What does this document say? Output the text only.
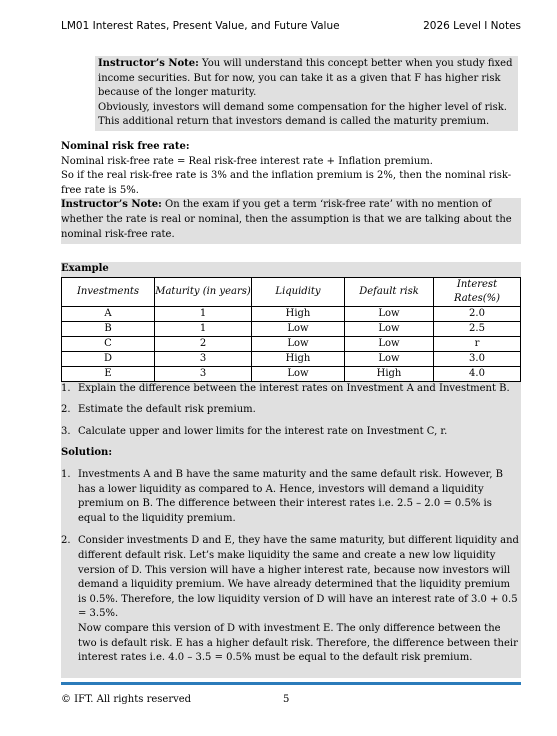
LM01 Interest Rates, Present Value, and Future Value	2026 Level I Notes

Instructor’s Note: You will understand this concept better when you study fixed income securities. But for now, you can take it as a given that F has higher risk because of the longer maturity.

Obviously, investors will demand some compensation for the higher level of risk. This additional return that investors demand is called the maturity premium.

Nominal risk free rate:

Nominal risk-free rate = Real risk-free interest rate + Inflation premium.

So if the real risk-free rate is 3% and the inflation premium is 2%, then the nominal risk-free rate is 5%.

Instructor’s Note: On the exam if you get a term ‘risk-free rate’ with no mention of whether the rate is real or nominal, then the assumption is that we are talking about the nominal risk-free rate.
Example
Investments	Maturity (in years)	Liquidity	Default risk	Interest Rates(%)
A	1	High	Low	2.0
B	1	Low	Low	2.5
C	2	Low	Low	r
D	3	High	Low	3.0
E	3	Low	High	4.0
1. Explain the difference between the interest rates on Investment A and Investment B.
2. Estimate the default risk premium.
3. Calculate upper and lower limits for the interest rate on Investment C, r.
Solution:
1. Investments A and B have the same maturity and the same default risk. However, B has a lower liquidity as compared to A. Hence, investors will demand a liquidity premium on B. The difference between their interest rates i.e. 2.5 – 2.0 = 0.5% is equal to the liquidity premium.

2. Consider investments D and E, they have the same maturity, but different liquidity and different default risk. Let’s make liquidity the same and create a new low liquidity version of D. This version will have a higher interest rate, because now investors will demand a liquidity premium. We have already determined that the liquidity premium is 0.5%. Therefore, the low liquidity version of D will have an interest rate of 3.0 + 0.5 = 3.5%.

Now compare this version of D with investment E. The only difference between the two is default risk. E has a higher default risk. Therefore, the difference between their interest rates i.e. 4.0 – 3.5 = 0.5% must be equal to the default risk premium.

© IFT. All rights reserved	5
